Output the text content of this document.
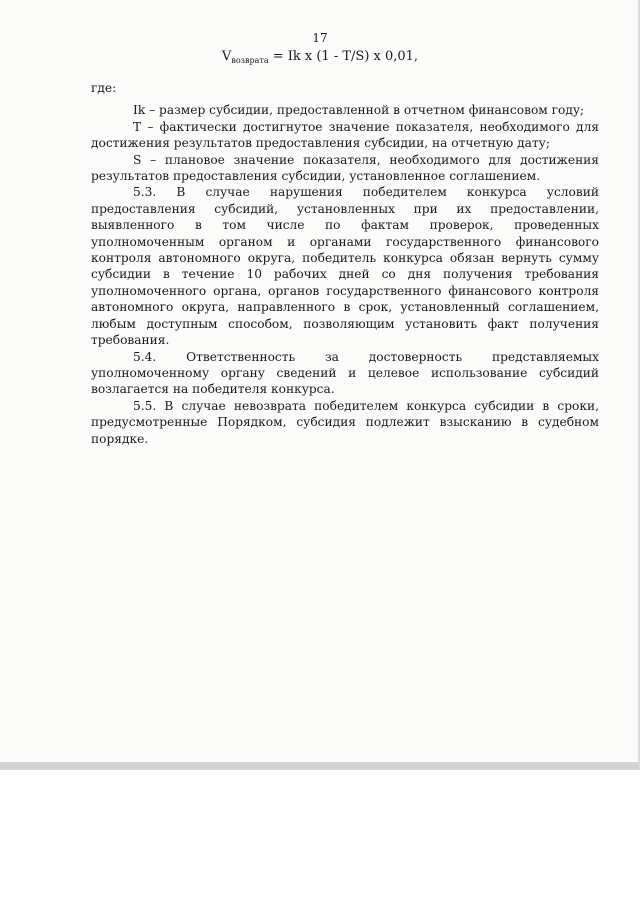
17
$V_{возврата} = Ik$ x (1 - T/S) x 0,01,

где:

Ik – размер субсидии, предоставленной в отчетном финансовом году;

Т – фактически достигнутое значение показателя, необходимого для достижения результатов предоставления субсидии, на отчетную дату;

S – плановое значение показателя, необходимого для достижения результатов предоставления субсидии, установленное соглашением.

5.3. В случае нарушения победителем конкурса условий предоставления субсидий, установленных при их предоставлении, выявленного в том числе по фактам проверок, проведенных уполномоченным органом и органами государственного финансового контроля автономного округа, победитель конкурса обязан вернуть сумму субсидии в течение 10 рабочих дней со дня получения требования уполномоченного органа, органов государственного финансового контроля автономного округа, направленного в срок, установленный соглашением, любым доступным способом, позволяющим установить факт получения требования.

5.4. Ответственность за достоверность представляемых уполномоченному органу сведений и целевое использование субсидий возлагается на победителя конкурса.

5.5. В случае невозврата победителем конкурса субсидии в сроки, предусмотренные Порядком, субсидия подлежит взысканию в судебном порядке.
